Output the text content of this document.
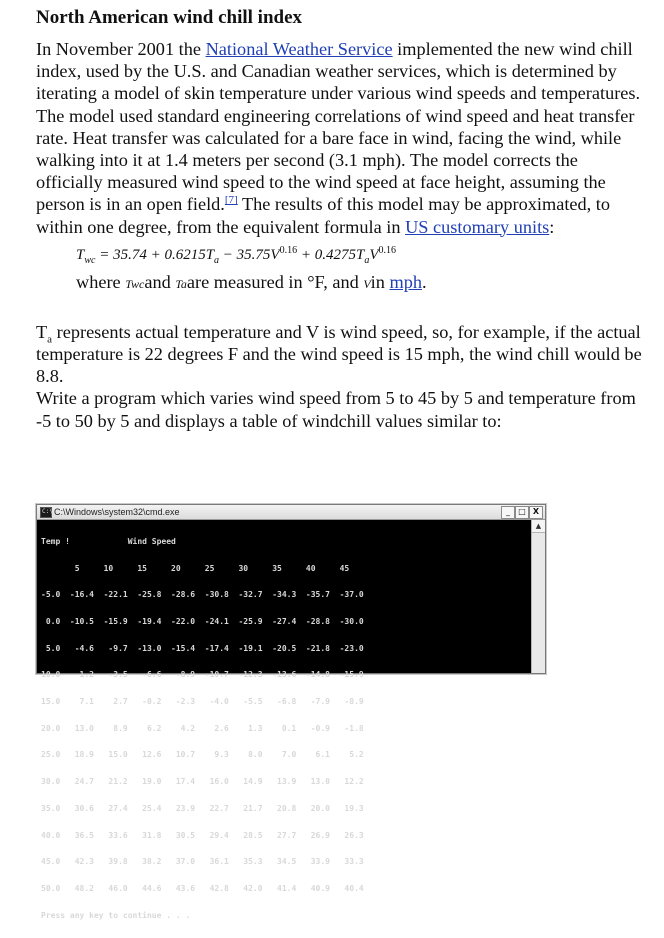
North American wind chill index

In November 2001 the National Weather Service implemented the new wind chill index, used by the U.S. and Canadian weather services, which is determined by iterating a model of skin temperature under various wind speeds and temperatures. The model used standard engineering correlations of wind speed and heat transfer rate. Heat transfer was calculated for a bare face in wind, facing the wind, while walking into it at 1.4 meters per second (3.1 mph). The model corrects the officially measured wind speed to the wind speed at face height, assuming the person is in an open field.[7] The results of this model may be approximated, to within one degree, from the equivalent formula in US customary units:

$T_{wc} = 35.74 + 0.6215T_a - 35.75V^{0.16} + 0.4275T_aV^{0.16}$
where Twcand Taare measured in °F, and Vin mph.

$T_a$ represents actual temperature and V is wind speed, so, for example, if the actual temperature is 22 degrees F and the wind speed is 15 mph, the wind chill would be 8.8.

Write a program which varies wind speed from 5 to 45 by 5 and temperature from -5 to 50 by 5 and displays a table of windchill values similar to:

C:\ C:\Windows\system32\cmd.exe	_	□ X

Temp !            Wind Speed

5     10     15     20     25     30     35     40     45

-5.0  -16.4  -22.1  -25.8  -28.6  -30.8  -32.7  -34.3  -35.7  -37.0

0.0  -10.5  -15.9  -19.4  -22.0  -24.1  -25.9  -27.4  -28.8  -30.0

5.0   -4.6   -9.7  -13.0  -15.4  -17.4  -19.1  -20.5  -21.8  -23.0

10.0    1.2   -3.5   -6.6   -8.9  -10.7  -12.3  -13.6  -14.8  -15.9

15.0    7.1    2.7   -0.2   -2.3   -4.0   -5.5   -6.8   -7.9   -8.9

20.0   13.0    8.9    6.2    4.2    2.6    1.3    0.1   -0.9   -1.8

25.0   18.9   15.0   12.6   10.7    9.3    8.0    7.0    6.1    5.2

30.0   24.7   21.2   19.0   17.4   16.0   14.9   13.9   13.0   12.2

35.0   30.6   27.4   25.4   23.9   22.7   21.7   20.8   20.0   19.3

40.0   36.5   33.6   31.8   30.5   29.4   28.5   27.7   26.9   26.3

45.0   42.3   39.8   38.2   37.0   36.1   35.3   34.5   33.9   33.3

50.0   48.2   46.0   44.6   43.6   42.8   42.0   41.4   40.9   40.4

Press any key to continue . . .

▲
